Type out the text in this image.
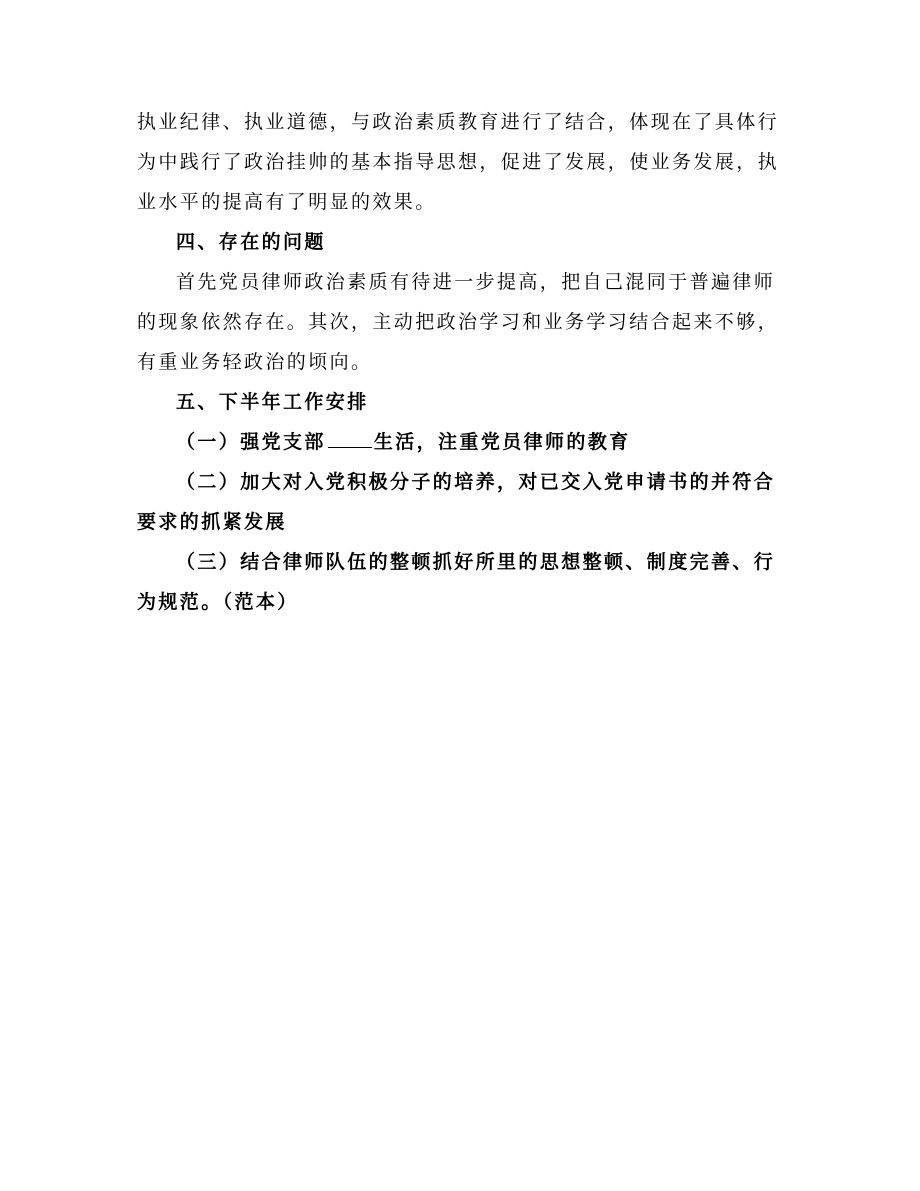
执业纪律、执业道德，与政治素质教育进行了结合，体现在了具体行
为中践行了政治挂帅的基本指导思想，促进了发展，使业务发展，执
业水平的提高有了明显的效果。
四、存在的问题
首先党员律师政治素质有待进一步提高，把自己混同于普遍律师
的现象依然存在。其次，主动把政治学习和业务学习结合起来不够，
有重业务轻政治的顷向。
五、下半年工作安排
（一）强党支部	生活，注重党员律师的教育
（二）加大对入党积极分子的培养，对已交入党申请书的并符合
要求的抓紧发展
（三）结合律师队伍的整顿抓好所里的思想整顿、制度完善、行
为规范。（范本）
